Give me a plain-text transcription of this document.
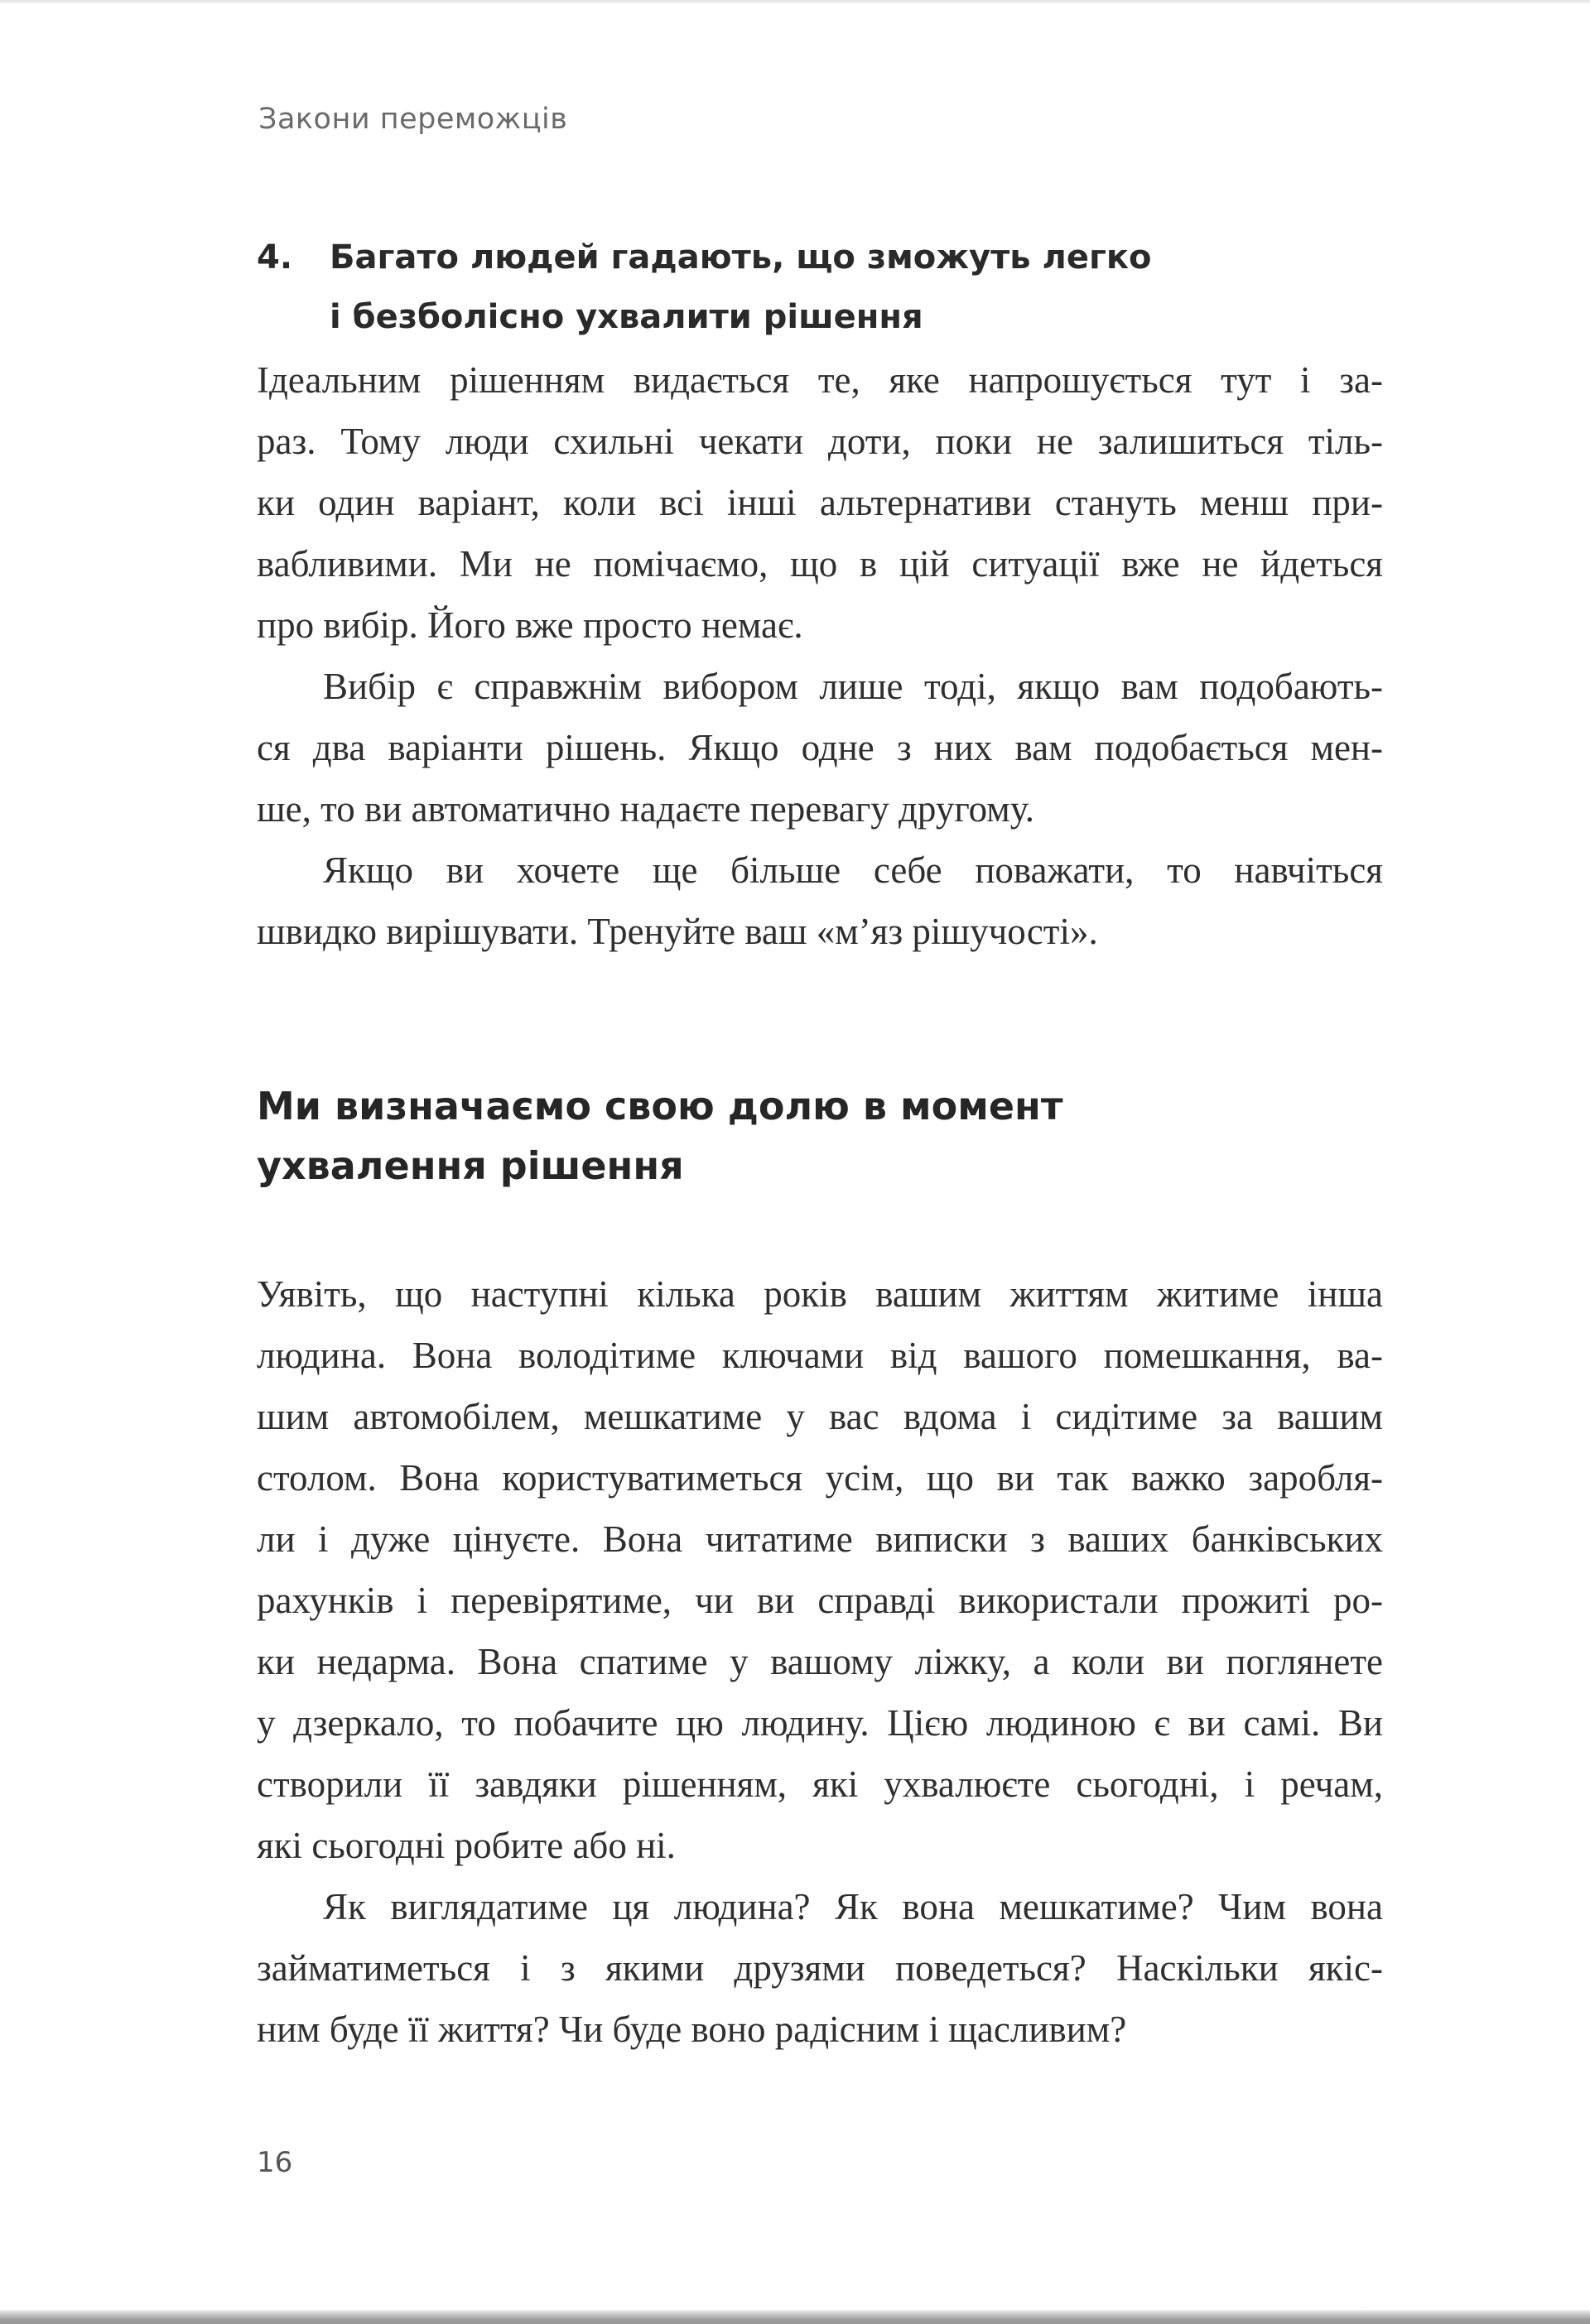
Закони переможців
4. Багато людей гадають, що зможуть легко
і безболісно ухвалити рішення

Ідеальним рішенням видається те, яке напрошується тут і за-
раз. Тому люди схильні чекати доти, поки не залишиться тіль-
ки один варіант, коли всі інші альтернативи стануть менш при-
вабливими. Ми не помічаємо, що в цій ситуації вже не йдеться
про вибір. Його вже просто немає.

Вибір є справжнім вибором лише тоді, якщо вам подобають-
ся два варіанти рішень. Якщо одне з них вам подобається мен-
ше, то ви автоматично надаєте перевагу другому.

Якщо ви хочете ще більше себе поважати, то навчіться
швидко вирішувати. Тренуйте ваш «м’яз рішучості».

Ми визначаємо свою долю в момент
ухвалення рішення

Уявіть, що наступні кілька років вашим життям житиме інша
людина. Вона володітиме ключами від вашого помешкання, ва-
шим автомобілем, мешкатиме у вас вдома і сидітиме за вашим
столом. Вона користуватиметься усім, що ви так важко заробля-
ли і дуже цінуєте. Вона читатиме виписки з ваших банківських
рахунків і перевірятиме, чи ви справді використали прожиті ро-
ки недарма. Вона спатиме у вашому ліжку, а коли ви поглянете
у дзеркало, то побачите цю людину. Цією людиною є ви самі. Ви
створили її завдяки рішенням, які ухвалюєте сьогодні, і речам,
які сьогодні робите або ні.

Як виглядатиме ця людина? Як вона мешкатиме? Чим вона
займатиметься і з якими друзями поведеться? Наскільки якіс-
ним буде її життя? Чи буде воно радісним і щасливим?

16
